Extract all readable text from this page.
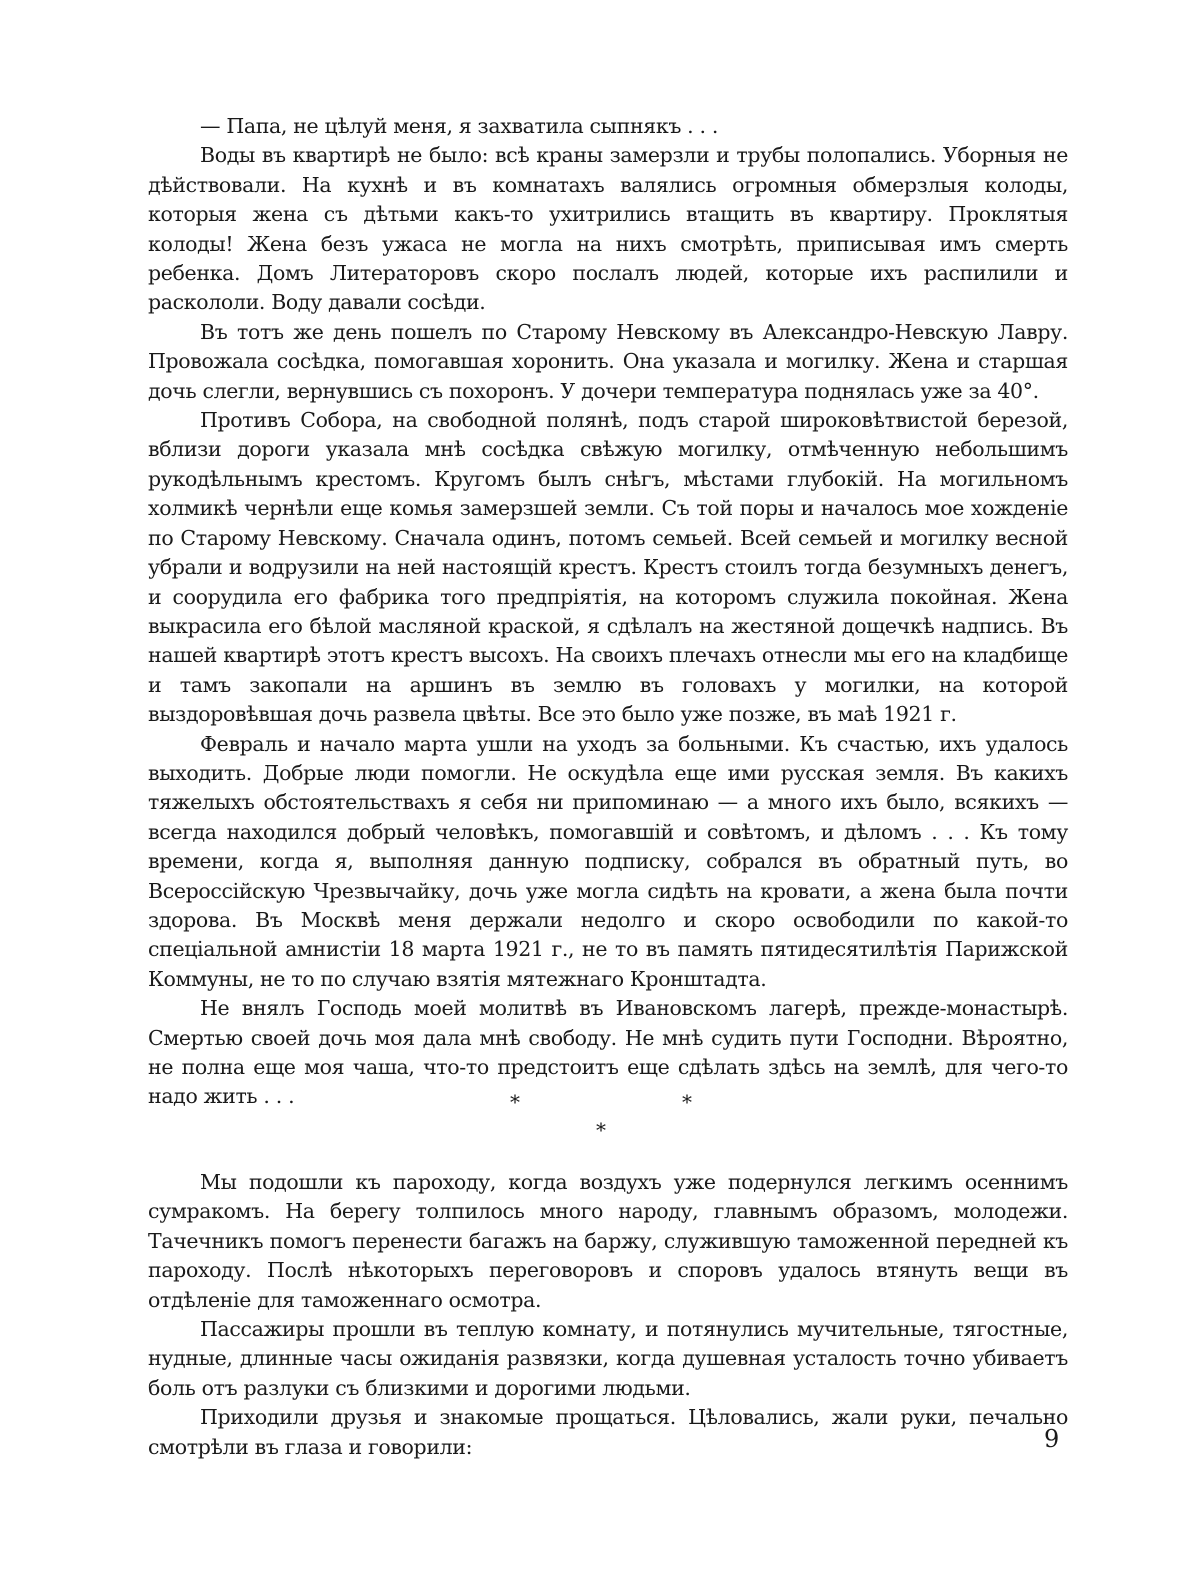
— Папа, не цѣлуй меня, я захватила сыпнякъ . . .

Воды въ квартирѣ не было: всѣ краны замерзли и трубы полопались. Уборныя не дѣйствовали. На кухнѣ и въ комнатахъ валялись огромныя обмерзлыя колоды, которыя жена съ дѣтьми какъ-то ухитрились втащить въ квартиру. Проклятыя колоды! Жена безъ ужаса не могла на нихъ смотрѣть, приписывая имъ смерть ребенка. Домъ Литераторовъ скоро послалъ людей, которые ихъ распилили и раскололи. Воду давали сосѣди.

Въ тотъ же день пошелъ по Старому Невскому въ Александро-Невскую Лавру. Провожала сосѣдка, помогавшая хоронить. Она указала и могилку. Жена и старшая дочь слегли, вернувшись съ похоронъ. У дочери температура поднялась уже за 40°.

Противъ Собора, на свободной полянѣ, подъ старой широковѣтвистой березой, вблизи дороги указала мнѣ сосѣдка свѣжую могилку, отмѣченную небольшимъ рукодѣльнымъ крестомъ. Кругомъ былъ снѣгъ, мѣстами глубокій. На могильномъ холмикѣ чернѣли еще комья замерзшей земли. Съ той поры и началось мое хожденіе по Старому Невскому. Сначала одинъ, потомъ семьей. Всей семьей и могилку весной убрали и водрузили на ней настоящій крестъ. Крестъ стоилъ тогда безумныхъ денегъ, и соорудила его фабрика того предпріятія, на которомъ служила покойная. Жена выкрасила его бѣлой масляной краской, я сдѣлалъ на жестяной дощечкѣ надпись. Въ нашей квартирѣ этотъ крестъ высохъ. На своихъ плечахъ отнесли мы его на кладбище и тамъ закопали на аршинъ въ землю въ головахъ у могилки, на которой выздоровѣвшая дочь развела цвѣты. Все это было уже позже, въ маѣ 1921 г.

Февраль и начало марта ушли на уходъ за больными. Къ счастью, ихъ удалось выходить. Добрые люди помогли. Не оскудѣла еще ими русская земля. Въ какихъ тяжелыхъ обстоятельствахъ я себя ни припоминаю — а много ихъ было, всякихъ — всегда находился добрый человѣкъ, помогавшій и совѣтомъ, и дѣломъ . . . Къ тому времени, когда я, выполняя данную подписку, собрался въ обратный путь, во Всероссійскую Чрезвычайку, дочь уже могла сидѣть на кровати, а жена была почти здорова. Въ Москвѣ меня держали недолго и скоро освободили по какой-то спеціальной амнистіи 18 марта 1921 г., не то въ память пятидесятилѣтія Парижской Коммуны, не то по случаю взятія мятежнаго Кронштадта.

Не внялъ Господь моей молитвѣ въ Ивановскомъ лагерѣ, прежде-монастырѣ. Смертью своей дочь моя дала мнѣ свободу. Не мнѣ судить пути Господни. Вѣроятно, не полна еще моя чаша, что-то предстоитъ еще сдѣлать здѣсь на землѣ, для чего-то надо жить . . .	*	*
*

Мы подошли къ пароходу, когда воздухъ уже подернулся легкимъ осеннимъ сумракомъ. На берегу толпилось много народу, главнымъ образомъ, молодежи. Тачечникъ помогъ перенести багажъ на баржу, служившую таможенной передней къ пароходу. Послѣ нѣкоторыхъ переговоровъ и споровъ удалось втянуть вещи въ отдѣленіе для таможеннаго осмотра.

Пассажиры прошли въ теплую комнату, и потянулись мучительные, тягостные, нудные, длинные часы ожиданія развязки, когда душевная усталость точно убиваетъ боль отъ разлуки съ близкими и дорогими людьми.

Приходили друзья и знакомые прощаться. Цѣловались, жали руки, печально смотрѣли въ глаза и говорили:	9
